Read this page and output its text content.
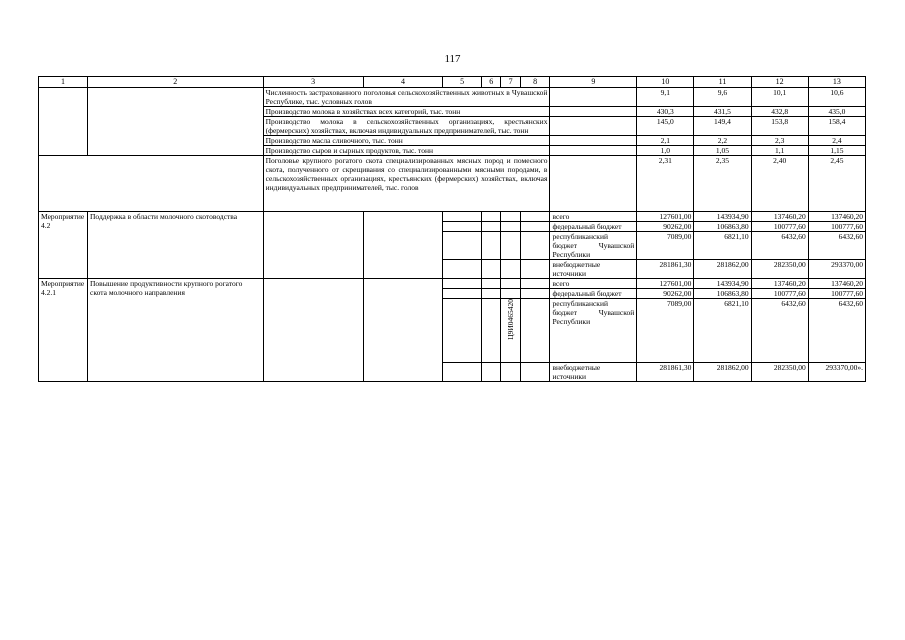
117
1	2	3	4	5	6	7	8	9	10	11	12	13
		Численность застрахованного поголовья сельскохозяйственных животных в Чувашской Республике, тыс. условных голов							9,1	9,6	10,1	10,6
		Производство молока в хозяйствах всех категорий, тыс. тонн							430,3	431,5	432,8	435,0
		Производство молока в сельскохозяйственных организациях, крестьянских (фермерских) хозяйствах, включая индивидуальных предпринимателей, тыс. тонн							145,0	149,4	153,8	158,4
		Производство масла сливочного, тыс. тонн							2,1	2,2	2,3	2,4
		Производство сыров и сырных продуктов, тыс. тонн							1,0	1,05	1,1	1,15
		Поголовье крупного рогатого скота специализированных мясных пород и помесного скота, полученного от скрещивания со специализированными мясными породами, в сельскохозяйственных организациях, крестьянских (фермерских) хозяйствах, включая индивидуальных предпринимателей, тыс. голов							2,31	2,35	2,40	2,45
Мероприятие 4.2	Поддержка в области молочного скотоводства							всего	127601,00	143934,90	137460,20	137460,20
								федеральный бюджет	90262,00	106863,80	100777,60	100777,60
								республиканский бюджет Чувашской Республики	7089,00	6821,10	6432,60	6432,60
								внебюджетные источники	281861,30	281862,00	282350,00	293370,00
Мероприятие 4.2.1	Повышение продуктивности крупного рогатого скота молочного направления							всего	127601,00	143934,90	137460,20	137460,20
								федеральный бюджет	90262,00	106863,80	100777,60	100777,60
						Ц9И0465420		республиканский бюджет Чувашской Республики	7089,00	6821,10	6432,60	6432,60
								внебюджетные источники	281861,30	281862,00	282350,00	293370,00».
